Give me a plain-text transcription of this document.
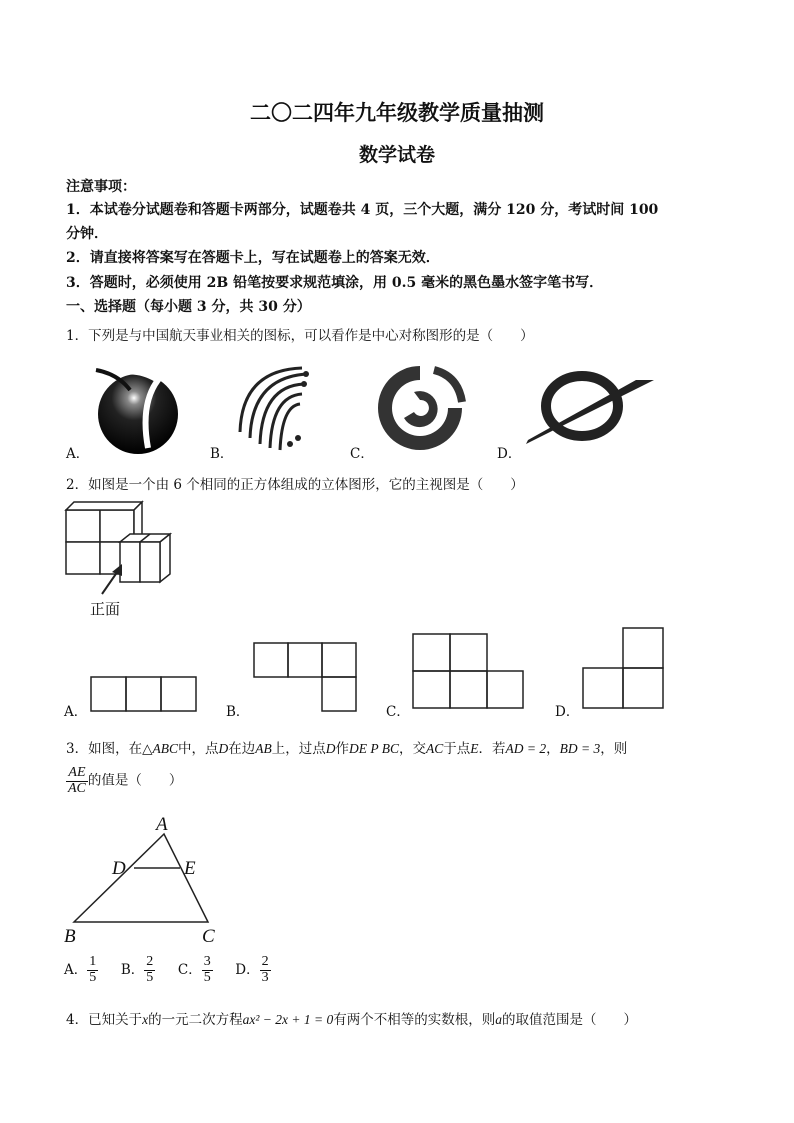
二〇二四年九年级教学质量抽测
数学试卷
注意事项：
1．本试卷分试题卷和答题卡两部分，试题卷共 4 页，三个大题，满分 120 分，考试时间 100
分钟．
2．请直接将答案写在答题卡上，写在试题卷上的答案无效．
3．答题时，必须使用 2B 铅笔按要求规范填涂，用 0.5 毫米的黑色墨水签字笔书写．
一、选择题（每小题 3 分，共 30 分）
1．下列是与中国航天事业相关的图标，可以看作是中心对称图形的是（　　）
A．	B．	C．	D．
2．如图是一个由 6 个相同的正方体组成的立体图形，它的主视图是（　　）
正面
A．	B．	C．	D．
3．如图，在△ABC中，点D在边AB上，过点D作DE P BC，交AC于点E．若AD = 2，BD = 3，则
$\frac{AE}{AC}$ 的值是（　　）
A
D	E
B	C
A． $\frac{1}{5}$ B． $\frac{2}{5}$ C． $\frac{3}{5}$ D． $\frac{2}{3}$
4．已知关于x的一元二次方程ax² − 2x + 1 = 0有两个不相等的实数根，则a的取值范围是（　　）
